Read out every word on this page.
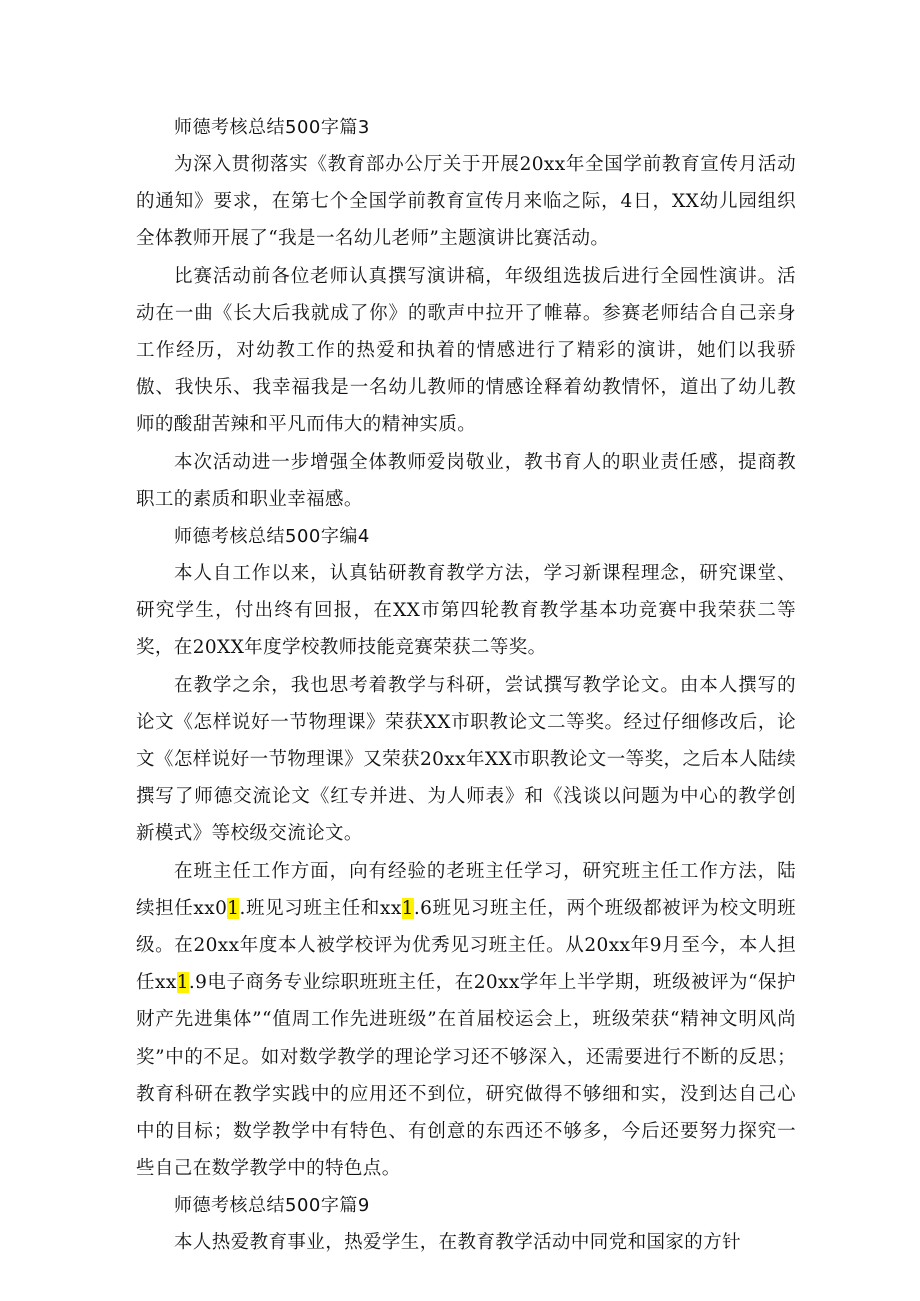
师德考核总结500字篇3

为深入贯彻落实《教育部办公厅关于开展20xx年全国学前教育宣传月活动的通知》要求，在第七个全国学前教育宣传月来临之际，4日，XX幼儿园组织全体教师开展了“我是一名幼儿老师”主题演讲比赛活动。

比赛活动前各位老师认真撰写演讲稿，年级组选拔后进行全园性演讲。活动在一曲《长大后我就成了你》的歌声中拉开了帷幕。参赛老师结合自己亲身工作经历，对幼教工作的热爱和执着的情感进行了精彩的演讲，她们以我骄傲、我快乐、我幸福我是一名幼儿教师的情感诠释着幼教情怀，道出了幼儿教师的酸甜苦辣和平凡而伟大的精神实质。

本次活动进一步增强全体教师爱岗敬业，教书育人的职业责任感，提商教职工的素质和职业幸福感。

师德考核总结500字编4

本人自工作以来，认真钻研教育教学方法，学习新课程理念，研究课堂、研究学生，付出终有回报，在XX市第四轮教育教学基本功竞赛中我荣获二等奖，在20XX年度学校教师技能竞赛荣获二等奖。

在教学之余，我也思考着教学与科研，尝试撰写教学论文。由本人撰写的论文《怎样说好一节物理课》荣获XX市职教论文二等奖。经过仔细修改后，论文《怎样说好一节物理课》又荣获20xx年XX市职教论文一等奖，之后本人陆续撰写了师德交流论文《红专并进、为人师表》和《浅谈以问题为中心的教学创新模式》等校级交流论文。

在班主任工作方面，向有经验的老班主任学习，研究班主任工作方法，陆续担任xx01.班见习班主任和xx1.6班见习班主任，两个班级都被评为校文明班级。在20xx年度本人被学校评为优秀见习班主任。从20xx年9月至今，本人担任xx1.9电子商务专业综职班班主任，在20xx学年上半学期，班级被评为“保护财产先进集体”“值周工作先进班级”在首届校运会上，班级荣获“精神文明风尚奖”中的不足。如对数学教学的理论学习还不够深入，还需要进行不断的反思；教育科研在教学实践中的应用还不到位，研究做得不够细和实，没到达自己心中的目标；数学教学中有特色、有创意的东西还不够多，今后还要努力探究一些自己在数学教学中的特色点。

师德考核总结500字篇9

本人热爱教育事业，热爱学生，在教育教学活动中同党和国家的方针
